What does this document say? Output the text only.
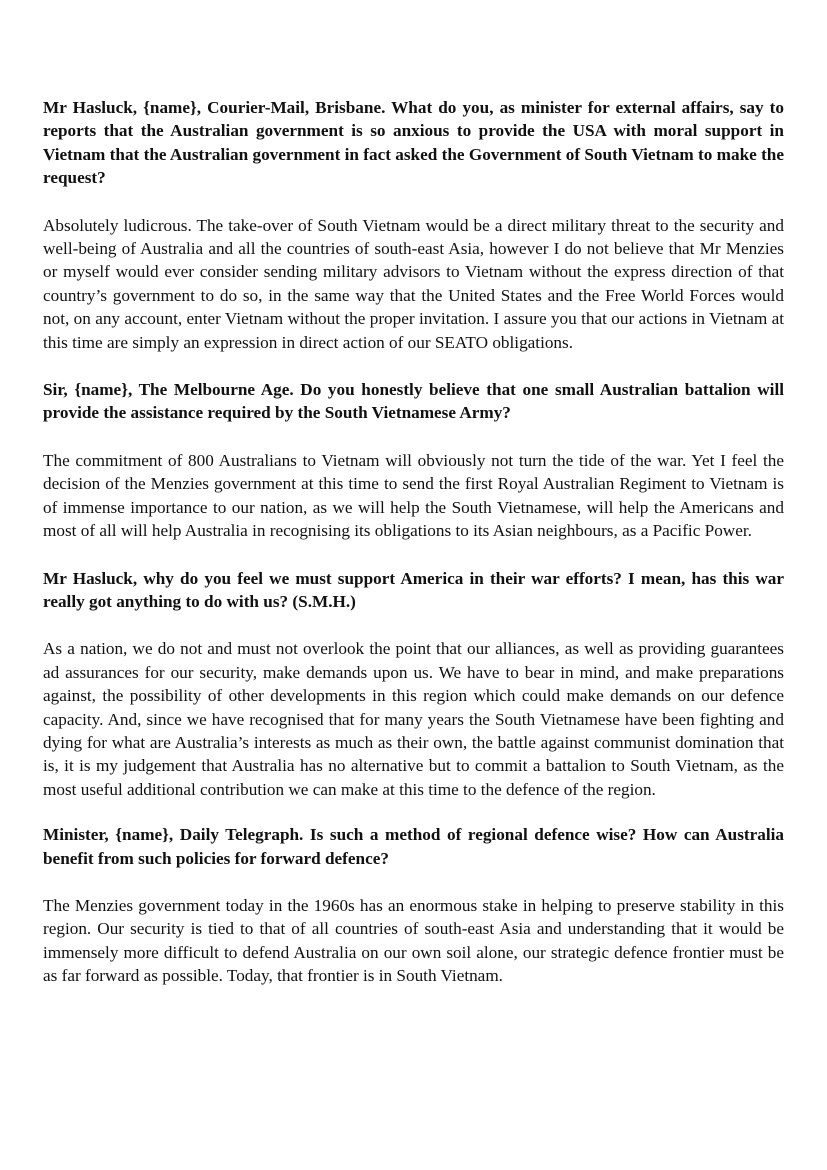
Mr Hasluck, {name}, Courier-Mail, Brisbane. What do you, as minister for external affairs, say to reports that the Australian government is so anxious to provide the USA with moral support in Vietnam that the Australian government in fact asked the Government of South Vietnam to make the request?

Absolutely ludicrous. The take-over of South Vietnam would be a direct military threat to the security and well-being of Australia and all the countries of south-east Asia, however I do not believe that Mr Menzies or myself would ever consider sending military advisors to Vietnam without the express direction of that country’s government to do so, in the same way that the United States and the Free World Forces would not, on any account, enter Vietnam without the proper invitation. I assure you that our actions in Vietnam at this time are simply an expression in direct action of our SEATO obligations.

Sir, {name}, The Melbourne Age. Do you honestly believe that one small Australian battalion will provide the assistance required by the South Vietnamese Army?

The commitment of 800 Australians to Vietnam will obviously not turn the tide of the war. Yet I feel the decision of the Menzies government at this time to send the first Royal Australian Regiment to Vietnam is of immense importance to our nation, as we will help the South Vietnamese, will help the Americans and most of all will help Australia in recognising its obligations to its Asian neighbours, as a Pacific Power.

Mr Hasluck, why do you feel we must support America in their war efforts? I mean, has this war really got anything to do with us? (S.M.H.)

As a nation, we do not and must not overlook the point that our alliances, as well as providing guarantees ad assurances for our security, make demands upon us. We have to bear in mind, and make preparations against, the possibility of other developments in this region which could make demands on our defence capacity. And, since we have recognised that for many years the South Vietnamese have been fighting and dying for what are Australia’s interests as much as their own, the battle against communist domination that is, it is my judgement that Australia has no alternative but to commit a battalion to South Vietnam, as the most useful additional contribution we can make at this time to the defence of the region.

Minister, {name}, Daily Telegraph. Is such a method of regional defence wise? How can Australia benefit from such policies for forward defence?

The Menzies government today in the 1960s has an enormous stake in helping to preserve stability in this region. Our security is tied to that of all countries of south-east Asia and understanding that it would be immensely more difficult to defend Australia on our own soil alone, our strategic defence frontier must be as far forward as possible. Today, that frontier is in South Vietnam.
